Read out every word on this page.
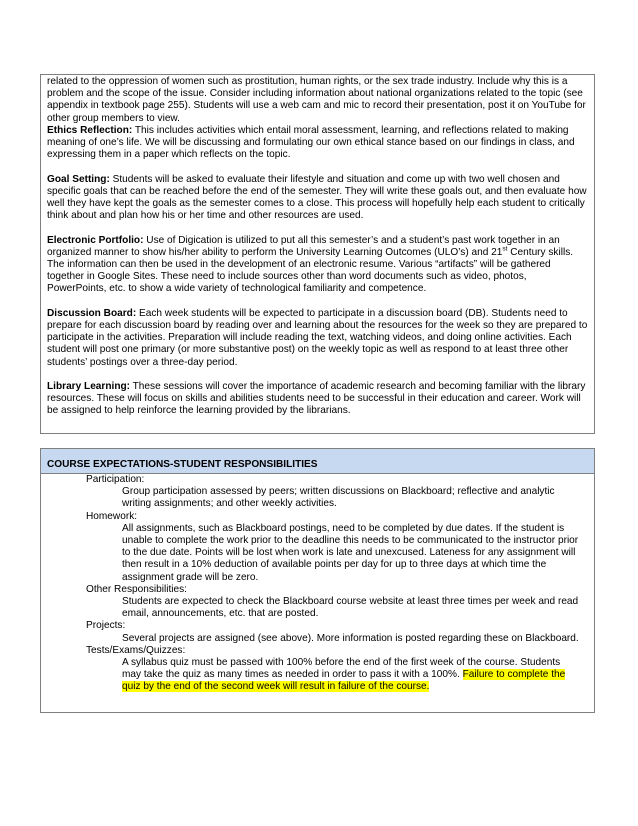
related to the oppression of women such as prostitution, human rights, or the sex trade industry. Include why this is a problem and the scope of the issue. Consider including information about national organizations related to the topic (see appendix in textbook page 255). Students will use a web cam and mic to record their presentation, post it on YouTube for other group members to view.

Ethics Reflection: This includes activities which entail moral assessment, learning, and reflections related to making meaning of one’s life. We will be discussing and formulating our own ethical stance based on our findings in class, and expressing them in a paper which reflects on the topic.

Goal Setting: Students will be asked to evaluate their lifestyle and situation and come up with two well chosen and specific goals that can be reached before the end of the semester. They will write these goals out, and then evaluate how well they have kept the goals as the semester comes to a close. This process will hopefully help each student to critically think about and plan how his or her time and other resources are used.

Electronic Portfolio: Use of Digication is utilized to put all this semester’s and a student’s past work together in an organized manner to show his/her ability to perform the University Learning Outcomes (ULO’s) and 21st Century skills. The information can then be used in the development of an electronic resume. Various “artifacts” will be gathered together in Google Sites. These need to include sources other than word documents such as video, photos, PowerPoints, etc. to show a wide variety of technological familiarity and competence.

Discussion Board: Each week students will be expected to participate in a discussion board (DB). Students need to prepare for each discussion board by reading over and learning about the resources for the week so they are prepared to participate in the activities. Preparation will include reading the text, watching videos, and doing online activities. Each student will post one primary (or more substantive post) on the weekly topic as well as respond to at least three other students’ postings over a three-day period.

Library Learning: These sessions will cover the importance of academic research and becoming familiar with the library resources. These will focus on skills and abilities students need to be successful in their education and career. Work will be assigned to help reinforce the learning provided by the librarians.

COURSE EXPECTATIONS-STUDENT RESPONSIBILITIES
Participation:
Group participation assessed by peers; written discussions on Blackboard; reflective and analytic writing assignments; and other weekly activities.
Homework:
All assignments, such as Blackboard postings, need to be completed by due dates. If the student is unable to complete the work prior to the deadline this needs to be communicated to the instructor prior to the due date. Points will be lost when work is late and unexcused. Lateness for any assignment will then result in a 10% deduction of available points per day for up to three days at which time the assignment grade will be zero.
Other Responsibilities:
Students are expected to check the Blackboard course website at least three times per week and read email, announcements, etc. that are posted.
Projects:
Several projects are assigned (see above). More information is posted regarding these on Blackboard.
Tests/Exams/Quizzes:
A syllabus quiz must be passed with 100% before the end of the first week of the course. Students may take the quiz as many times as needed in order to pass it with a 100%. Failure to complete the quiz by the end of the second week will result in failure of the course.
